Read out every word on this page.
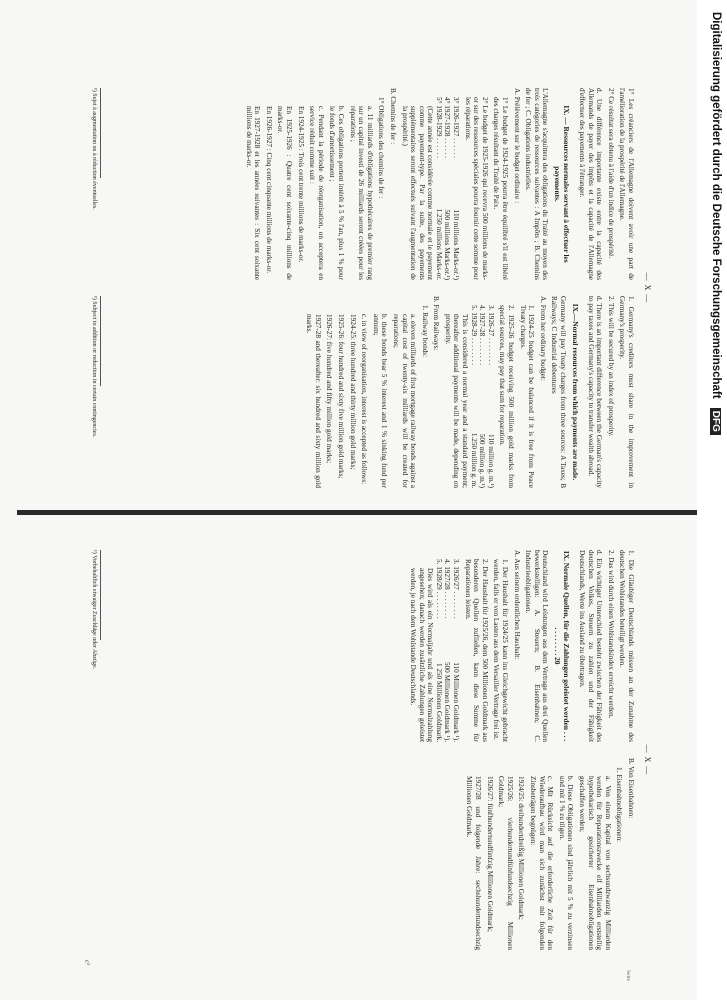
— X —

1° Les créanciers de l'Allemagne doivent avoir une part de l'amélioration de la prospérité de l'Allemagne.

2° Ce résultat sera obtenu à l'aide d'un indice de prospérité.

d. Une différence importante existe entre la capacité des Allemands de payer des impôts et la capacité de l'Allemagne d'effectuer des payements à l'étranger.

IX. — Ressources normales servant à effectuer les payements.

L'Allemagne s'acquittera des obligations du Traité au moyen des trois catégories de ressources suivantes : A Impôts ; B. Chemins de fer ; C. Obligations industrielles.

A. Prélèvement sur le budget ordinaire :

1° Le budget de 1924-1925 pourra être équilibré s'il est libéré des charges résultant du Traité de Paix.

2° Le budget de 1925-1926 qui recevra 500 millions de marks-or sur des ressources spéciales pourra fournir cette somme pour les réparations.

3° 1926-1927 . . . . . .
110 millions Marks-or.¹)
4° 1927-1928 . . . . . .
500 millions Marks-or.¹)
5° 1928-1929 . . . . . .
1.250 millions Marks-or.

(Cette année est considérée comme normale et le payement comme payement-type. Par la suite, des payements supplémentaires seront effectués suivant l'augmentation de la prospérité.)

B. Chemins de fer :

1° Obligations des chemins de fer :

a. 11 milliards d'obligations hypothécaires de premier rang sur un capital investi de 26 milliards seront créées pour les réparations ;

b. Ces obligations portent intérêt à 5 % l'an, plus 1 % pour le fonds d'amortissement ;

c. Pendant la période de réorganisation, on acceptera en service réduit comme suit :

En 1924-1925 : Trois cent trente millions de marks-or.

En 1925-1926 : Quatre cent soixante-cinq millions de marks-or.

En 1926-1927 : Cinq cent cinquante millions de marks-or.

En 1927-1928 et les années suivantes : Six cent soixante millions de marks-or.

¹) Sujet à augmentation ou à réduction éventuelles.

1. Germany's creditors must share in the improvement in Germany's prosperity.

2. This will be secured by an index of prosperity.

d. There is an important difference between the German's capacity to pay taxes and Germany's capacity to transfer wealth abroad.

IX.—Normal resources from which payments are made.

Germany will pay Treaty charges from three sources: A Taxes; B Railways; C Industrial debentures

A. From her ordinary budget:

1. 1924-25 budget can be balanced if it is free from Peace Treaty charges.

2. 1925-26 budget receiving 500 million gold marks from special sources, may pay that sum for reparation.

3. 1926-27 . . . . . . . .
110 million g. m.¹)
4. 1927-28 . . . . . . . .
500 million g. m.¹)
5. 1928-29 . . . . . . . .
1.250 million g. m.

This is considered a normal year and a standard payment; thereafter additional payments will be made, depending on prosperity.

B. From Railways:

1. Railway bonds:

a. eleven milliards of first mortgage railway bonds against a capital cost of twenty-six milliards will be created for reparations;

b. these bonds bear 5 % interest and 1 % sinking fund per annum;

c. in view of reorganisation, interest is accepted as follows:

1924-25: three hundred and thirty million gold marks;

1925-26: four hundred and sixty five million gold marks;

1926-27: five hundred and fifty million gold marks;

1927-28 and thereafter: six hundred and sixty million gold marks.

¹) Subject to addition or reduction in certain contingencies.
— X —

1. Die Gläubiger Deutschlands müssen an der Zunahme des deutschen Wohlstandes beteiligt werden.

2. Das wird durch einen Wohlstandsindex erreicht werden.

d. Ein wichtiger Unterschied besteht zwischen der Fähigkeit des deutschen Volkes, Steuern zu zahlen und der Fähigkeit Deutschlands, Werte ins Ausland zu übertragen.

IX. Normale Quellen, für die Zahlungen geleistet werden . . . . . . . . . . . 20

Deutschland wird Leistungen aus dem Vertrage aus drei Quellen bewerkstelligen: A. Steuern; B. Eisenbahnen; C. Industrieobligationen.

A. Aus seinem ordentlichen Haushalt:

1. Der Haushalt für 1924/25 kann ins Gleichgewicht gebracht werden, falls er von Lasten aus dem Versailler Vertrage frei ist.

2. Der Haushalt für 1925/26, dem 500 Millionen Goldmark aus besonderen Quellen zufließen, kann diese Summe für Reparationen leisten.

3. 1926/27 . . . . . . . .
110 Millionen Goldmark ¹).
4. 1927/28 . . . . . . . .
500 Millionen Goldmark ¹).
5. 1928/29 . . . . . . . .
1 250 Millionen Goldmark.

Dies wird als ein Normaljahr und als eine Normalzahlung angesehen; danach werden zusätzliche Zahlungen geleistet werden, je nach dem Wohlstande Deutschlands.

B. Von Eisenbahnen:

1. Eisenbahnobligationen:

a. Von einem Kapital von sechsundzwanzig Milliarden werden für Reparationszwecke elf Milliarden erststellig hypothekarisch gesicherter Eisenbahnobligationen geschaffen werden;

b. Diese Obligationen sind jährlich mit 5 % zu verzinsen und mit 1 % zu tilgen.

c. Mit Rücksicht auf die erforderliche Zeit für den Wiederaufbau wird man sich zunächst mit folgenden Zinsbeträgen begnügen:

1924/25: dreihundertdreißig Millionen Goldmark;

1925/26: vierhundertundfünfundsechzig Millionen Goldmark;

1926/27: fünfhundertundfünfzig Millionen Goldmark;

1927/28 und folgende Jahre: sechshundertundsechzig Millionen Goldmark.

¹) Vorbehaltlich etwaiger Zuschläge oder Abzüge.
Seite
c³
Digitalisierung gefördert durch die Deutsche Forschungsgemeinschaft DFG
